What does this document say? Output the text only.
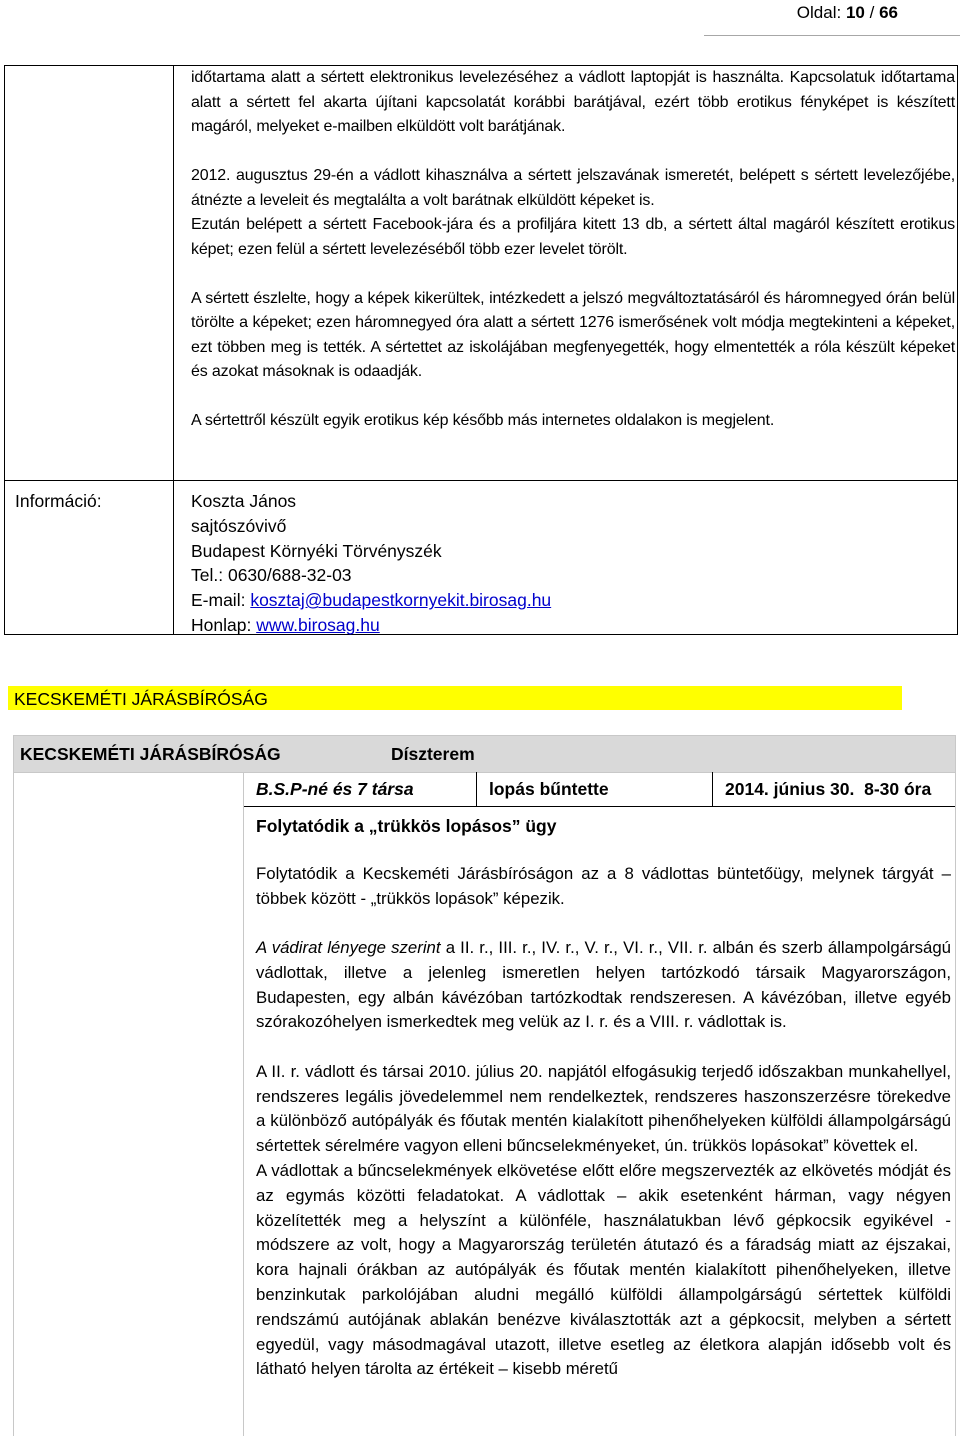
Oldal: 10 / 66

időtartama alatt a sértett elektronikus levelezéséhez a vádlott laptopját is használta. Kapcsolatuk időtartama alatt a sértett fel akarta újítani kapcsolatát korábbi barátjával, ezért több erotikus fényképet is készített magáról, melyeket e-mailben elküldött volt barátjának.

2012. augusztus 29-én a vádlott kihasználva a sértett jelszavának ismeretét, belépett s sértett levelezőjébe, átnézte a leveleit és megtalálta a volt barátnak elküldött képeket is.

Ezután belépett a sértett Facebook-jára és a profiljára kitett 13 db, a sértett által magáról készített erotikus képet; ezen felül a sértett levelezéséből több ezer levelet törölt.

A sértett észlelte, hogy a képek kikerültek, intézkedett a jelszó megváltoztatásáról és háromnegyed órán belül törölte a képeket; ezen háromnegyed óra alatt a sértett 1276 ismerősének volt módja megtekinteni a képeket, ezt többen meg is tették. A sértettet az iskolájában megfenyegették, hogy elmentették a róla készült képeket és azokat másoknak is odaadják.

A sértettről készült egyik erotikus kép később más internetes oldalakon is megjelent.

Információ:	Koszta János
sajtószóvivő
Budapest Környéki Törvényszék
Tel.: 0630/688-32-03
E-mail: kosztaj@budapestkornyekit.birosag.hu
Honlap: www.birosag.hu
KECSKEMÉTI JÁRÁSBÍRÓSÁG
KECSKEMÉTI JÁRÁSBÍRÓSÁG	Díszterem
B.S.P-né és 7 társa	lopás bűntette	2014. június 30. 8-30 óra
Folytatódik a „trükkös lopásos” ügy

Folytatódik a Kecskeméti Járásbíróságon az a 8 vádlottas büntetőügy, melynek tárgyát – többek között - „trükkös lopások” képezik.

A vádirat lényege szerint a II. r., III. r., IV. r., V. r., VI. r., VII. r. albán és szerb állampolgárságú vádlottak, illetve a jelenleg ismeretlen helyen tartózkodó társaik Magyarországon, Budapesten, egy albán kávézóban tartózkodtak rendszeresen. A kávézóban, illetve egyéb szórakozóhelyen ismerkedtek meg velük az I. r. és a VIII. r. vádlottak is.

A II. r. vádlott és társai 2010. július 20. napjától elfogásukig terjedő időszakban munkahellyel, rendszeres legális jövedelemmel nem rendelkeztek, rendszeres haszonszerzésre törekedve a különböző autópályák és főutak mentén kialakított pihenőhelyeken külföldi állampolgárságú sértettek sérelmére vagyon elleni bűncselekményeket, ún. trükkös lopásokat” követtek el.

A vádlottak a bűncselekmények elkövetése előtt előre megszervezték az elkövetés módját és az egymás közötti feladatokat. A vádlottak – akik esetenként hárman, vagy négyen közelítették meg a helyszínt a különféle, használatukban lévő gépkocsik egyikével - módszere az volt, hogy a Magyarország területén átutazó és a fáradság miatt az éjszakai, kora hajnali órákban az autópályák és főutak mentén kialakított pihenőhelyeken, illetve benzinkutak parkolójában aludni megálló külföldi állampolgárságú sértettek külföldi rendszámú autójának ablakán benézve kiválasztották azt a gépkocsit, melyben a sértett egyedül, vagy másodmagával utazott, illetve esetleg az életkora alapján idősebb volt és látható helyen tárolta az értékeit – kisebb méretű
